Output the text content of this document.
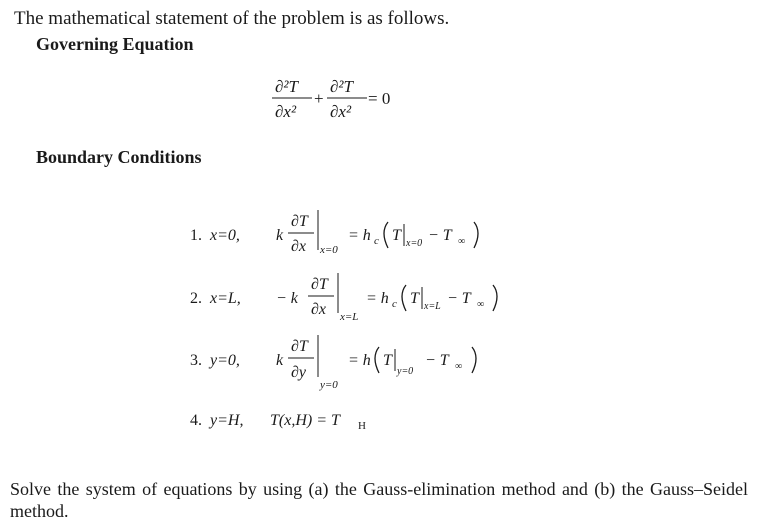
The mathematical statement of the problem is as follows.
Governing Equation
Boundary Conditions
∂²T
∂x²
+
∂²T
∂x²
= 0
1. x=0, k
∂T
∂x x=0
= h c T x=0 − T ∞
2. x=L, − k
∂T
∂x x=L
= h c T x=L − T ∞
3. y=0, k
∂T
∂y
y=0
= h T
y=0
− T ∞
4. y=H, T(x,H) = T H
Solve the system of equations by using (a) the Gauss-elimination method and (b) the Gauss–Seidel method.
